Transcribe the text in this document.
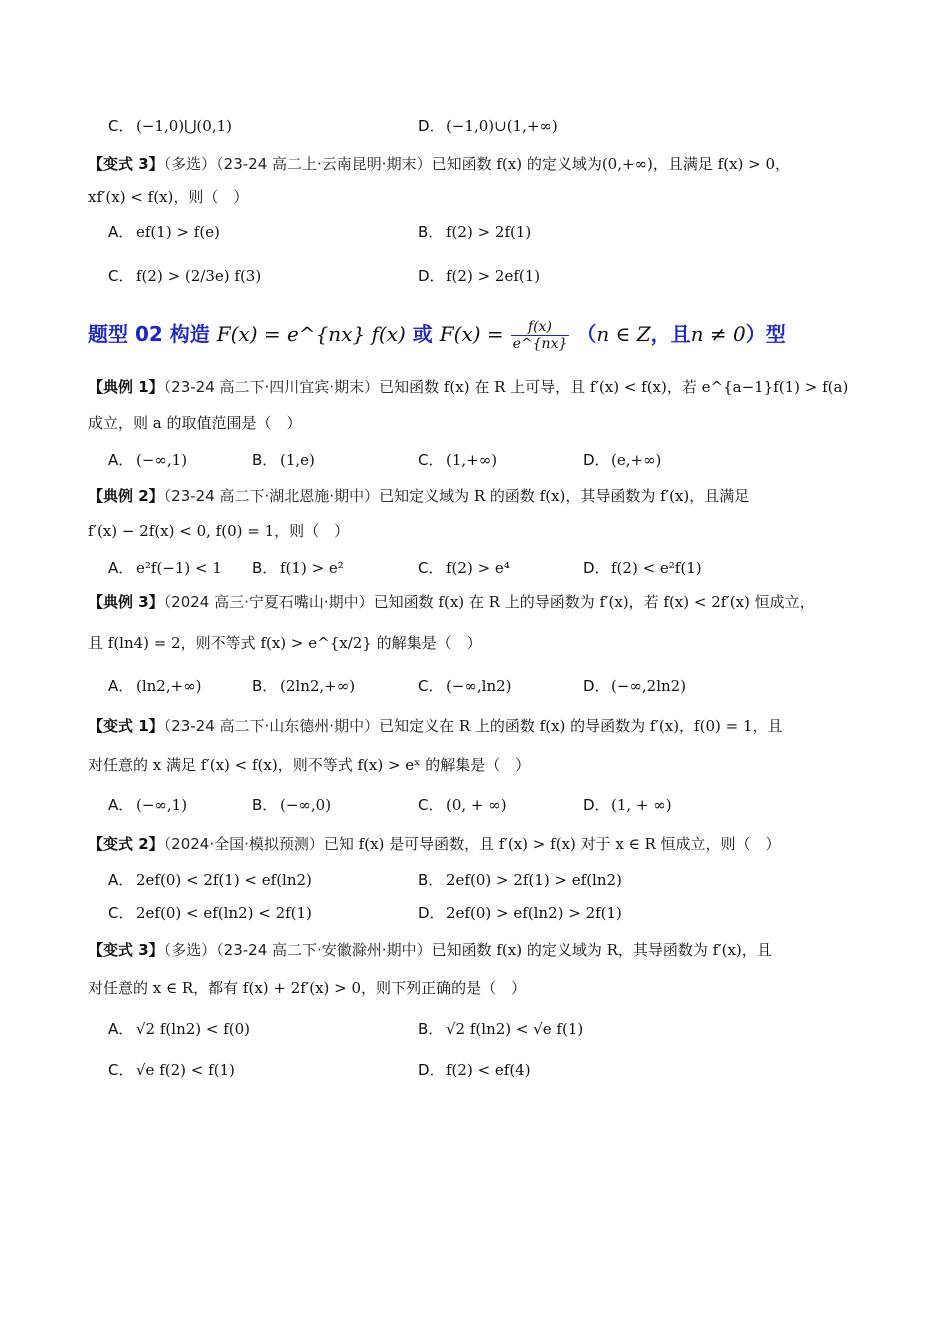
C． (−1,0)⋃(0,1)	D．(−1,0)∪(1,+∞)
【变式 3】（多选）（23-24 高二上·云南昆明·期末）已知函数 f(x) 的定义域为(0,+∞)，且满足 f(x) > 0，
xf′(x) < f(x)，则（　）
A． ef(1) > f(e)	B． f(2) > 2f(1)
C． f(2) > (2/3e) f(3)	D．f(2) > 2ef(1)
题型 02 构造 F(x) = e^{nx} f(x) 或 $F(x) = \frac{f(x)}{e\^{}\{nx\}} (n$ ∈ Z，且n ≠ 0）型
【典例 1】（23-24 高二下·四川宜宾·期末）已知函数 f(x) 在 R 上可导，且 f′(x) < f(x)，若 e^{a−1}f(1) > f(a)
成立，则 a 的取值范围是（　）
A． (−∞,1)	B． (1,e)	C． (1,+∞)	D．(e,+∞)
【典例 2】（23-24 高二下·湖北恩施·期中）已知定义域为 R 的函数 f(x)，其导函数为 f′(x)，且满足
f′(x) − 2f(x) < 0, f(0) = 1，则（　）
A． e²f(−1) < 1 B． f(1) > e²	C． f(2) > e⁴	D．f(2) < e²f(1)
【典例 3】（2024 高三·宁夏石嘴山·期中）已知函数 f(x) 在 R 上的导函数为 f′(x)，若 f(x) < 2f′(x) 恒成立，
且 f(ln4) = 2，则不等式 f(x) > e^{x/2} 的解集是（　）
A． (ln2,+∞)	B． (2ln2,+∞)	C． (−∞,ln2)	D．(−∞,2ln2)
【变式 1】（23-24 高二下·山东德州·期中）已知定义在 R 上的函数 f(x) 的导函数为 f′(x)，f(0) = 1，且
对任意的 x 满足 f′(x) < f(x)，则不等式 f(x) > eˣ 的解集是（　）
A． (−∞,1)	B． (−∞,0)	C． (0, + ∞)	D．(1, + ∞)
【变式 2】（2024·全国·模拟预测）已知 f(x) 是可导函数，且 f′(x) > f(x) 对于 x ∈ R 恒成立，则（　）
A． 2ef(0) < 2f(1) < ef(ln2)	B． 2ef(0) > 2f(1) > ef(ln2)
C． 2ef(0) < ef(ln2) < 2f(1)	D．2ef(0) > ef(ln2) > 2f(1)
【变式 3】（多选）（23-24 高二下·安徽滁州·期中）已知函数 f(x) 的定义域为 R，其导函数为 f′(x)，且
对任意的 x ∈ R，都有 f(x) + 2f′(x) > 0，则下列正确的是（　）
A． √2 f(ln2) < f(0)	B． √2 f(ln2) < √e f(1)
C． √e f(2) < f(1)	D．f(2) < ef(4)
